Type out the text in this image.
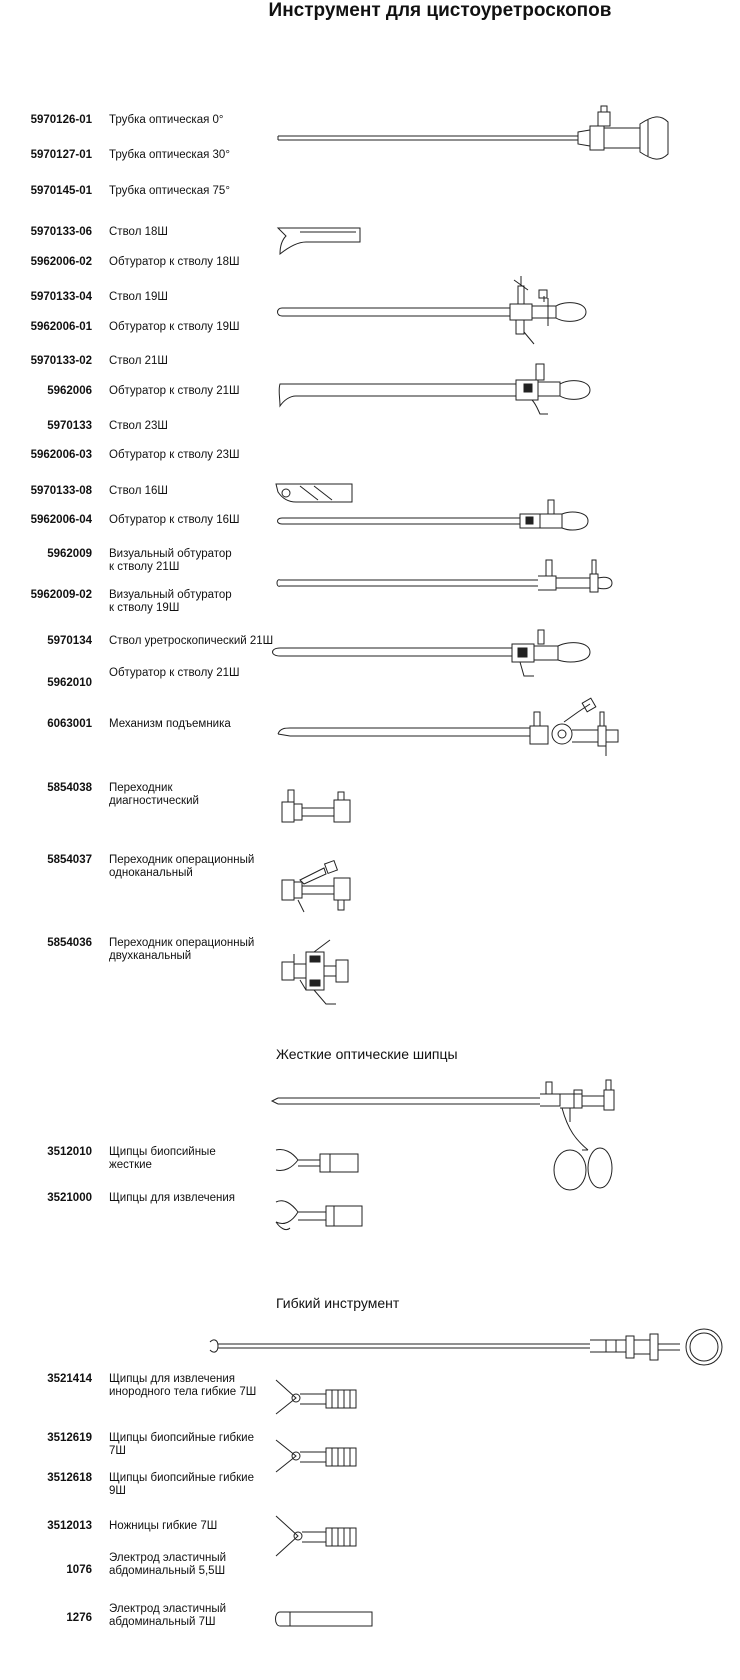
Инструмент для цистоуретроскопов
Жесткие оптические шипцы
Гибкий инструмент
5970126-01 Трубка оптическая 0°
5970127-01 Трубка оптическая 30°
5970145-01 Трубка оптическая 75°
5970133-06 Ствол 18Ш
5962006-02 Обтуратор к стволу 18Ш
5970133-04 Ствол 19Ш
5962006-01 Обтуратор к стволу 19Ш
5970133-02 Ствол 21Ш
5962006 Обтуратор к стволу 21Ш
5970133 Ствол 23Ш
5962006-03 Обтуратор к стволу 23Ш
5970133-08 Ствол 16Ш
5962006-04 Обтуратор к стволу 16Ш
5962009 Визуальный обтуратор
к стволу 21Ш
5962009-02 Визуальный обтуратор
к стволу 19Ш
5970134 Ствол уретроскопический 21Ш
5962010
Обтуратор к стволу 21Ш
6063001 Механизм подъемника
5854038 Переходник
диагностический
5854037 Переходник операционный
одноканальный
5854036 Переходник операционный
двухканальный
3512010 Щипцы биопсийные
жесткие
3521000 Щипцы для извлечения
3521414 Щипцы для извлечения
инородного тела гибкие 7Ш
3512619 Щипцы биопсийные гибкие
7Ш
3512618 Щипцы биопсийные гибкие
9Ш
3512013 Ножницы гибкие 7Ш
1076
Электрод эластичный
абдоминальный 5,5Ш
1276
Электрод эластичный
абдоминальный 7Ш
